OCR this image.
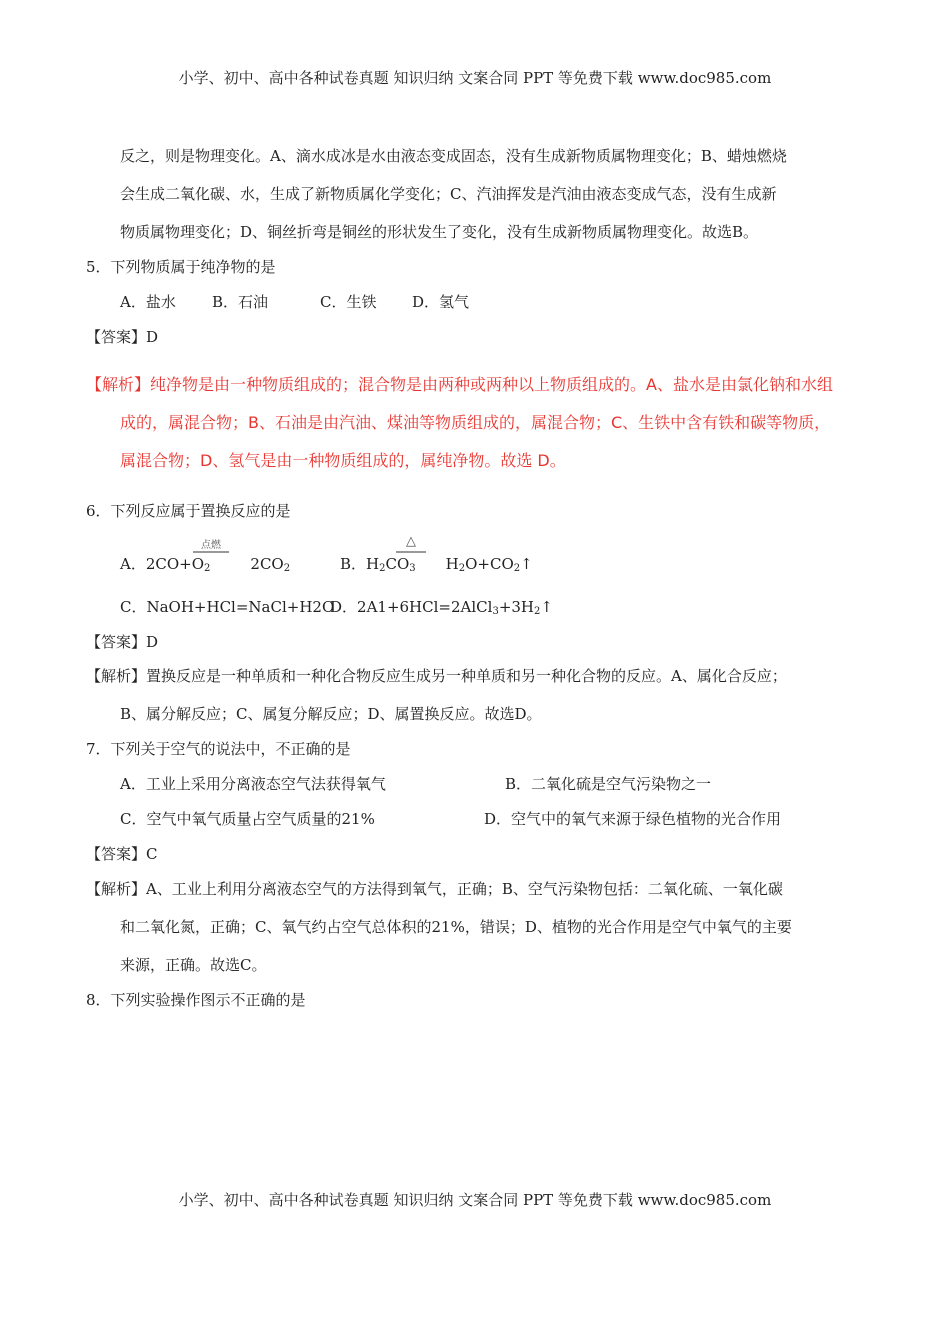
小学、初中、高中各种试卷真题 知识归纳 文案合同 PPT 等免费下载 www.doc985.com
反之，则是物理变化。A、滴水成冰是水由液态变成固态，没有生成新物质属物理变化；B、蜡烛燃烧
会生成二氧化碳、水，生成了新物质属化学变化；C、汽油挥发是汽油由液态变成气态，没有生成新
物质属物理变化；D、铜丝折弯是铜丝的形状发生了变化，没有生成新物质属物理变化。故选B。
5．下列物质属于纯净物的是
A．盐水 B．石油	C．生铁 D．氢气
【答案】D
【解析】纯净物是由一种物质组成的；混合物是由两种或两种以上物质组成的。A、盐水是由氯化钠和水组
成的，属混合物；B、石油是由汽油、煤油等物质组成的，属混合物；C、生铁中含有铁和碳等物质，
属混合物；D、氢气是由一种物质组成的，属纯净物。故选 D。
6．下列反应属于置换反应的是
A．$2CO+O_2$	$2CO_2$
点燃
B．$H_2CO_3$ $H_2O+CO_2↑$
△
C．NaOH+HCl=NaCl+H2O
D．$2A1+6HCl=2AlCl_3+3H_2↑$
【答案】D
【解析】置换反应是一种单质和一种化合物反应生成另一种单质和另一种化合物的反应。A、属化合反应；
B、属分解反应；C、属复分解反应；D、属置换反应。故选D。
7．下列关于空气的说法中，不正确的是
A．工业上采用分离液态空气法获得氧气	B．二氧化硫是空气污染物之一
C．空气中氧气质量占空气质量的21%	D．空气中的氧气来源于绿色植物的光合作用
【答案】C
【解析】A、工业上利用分离液态空气的方法得到氧气，正确；B、空气污染物包括：二氧化硫、一氧化碳
和二氧化氮，正确；C、氧气约占空气总体积的21%，错误；D、植物的光合作用是空气中氧气的主要
来源，正确。故选C。
8．下列实验操作图示不正确的是
小学、初中、高中各种试卷真题 知识归纳 文案合同 PPT 等免费下载 www.doc985.com
